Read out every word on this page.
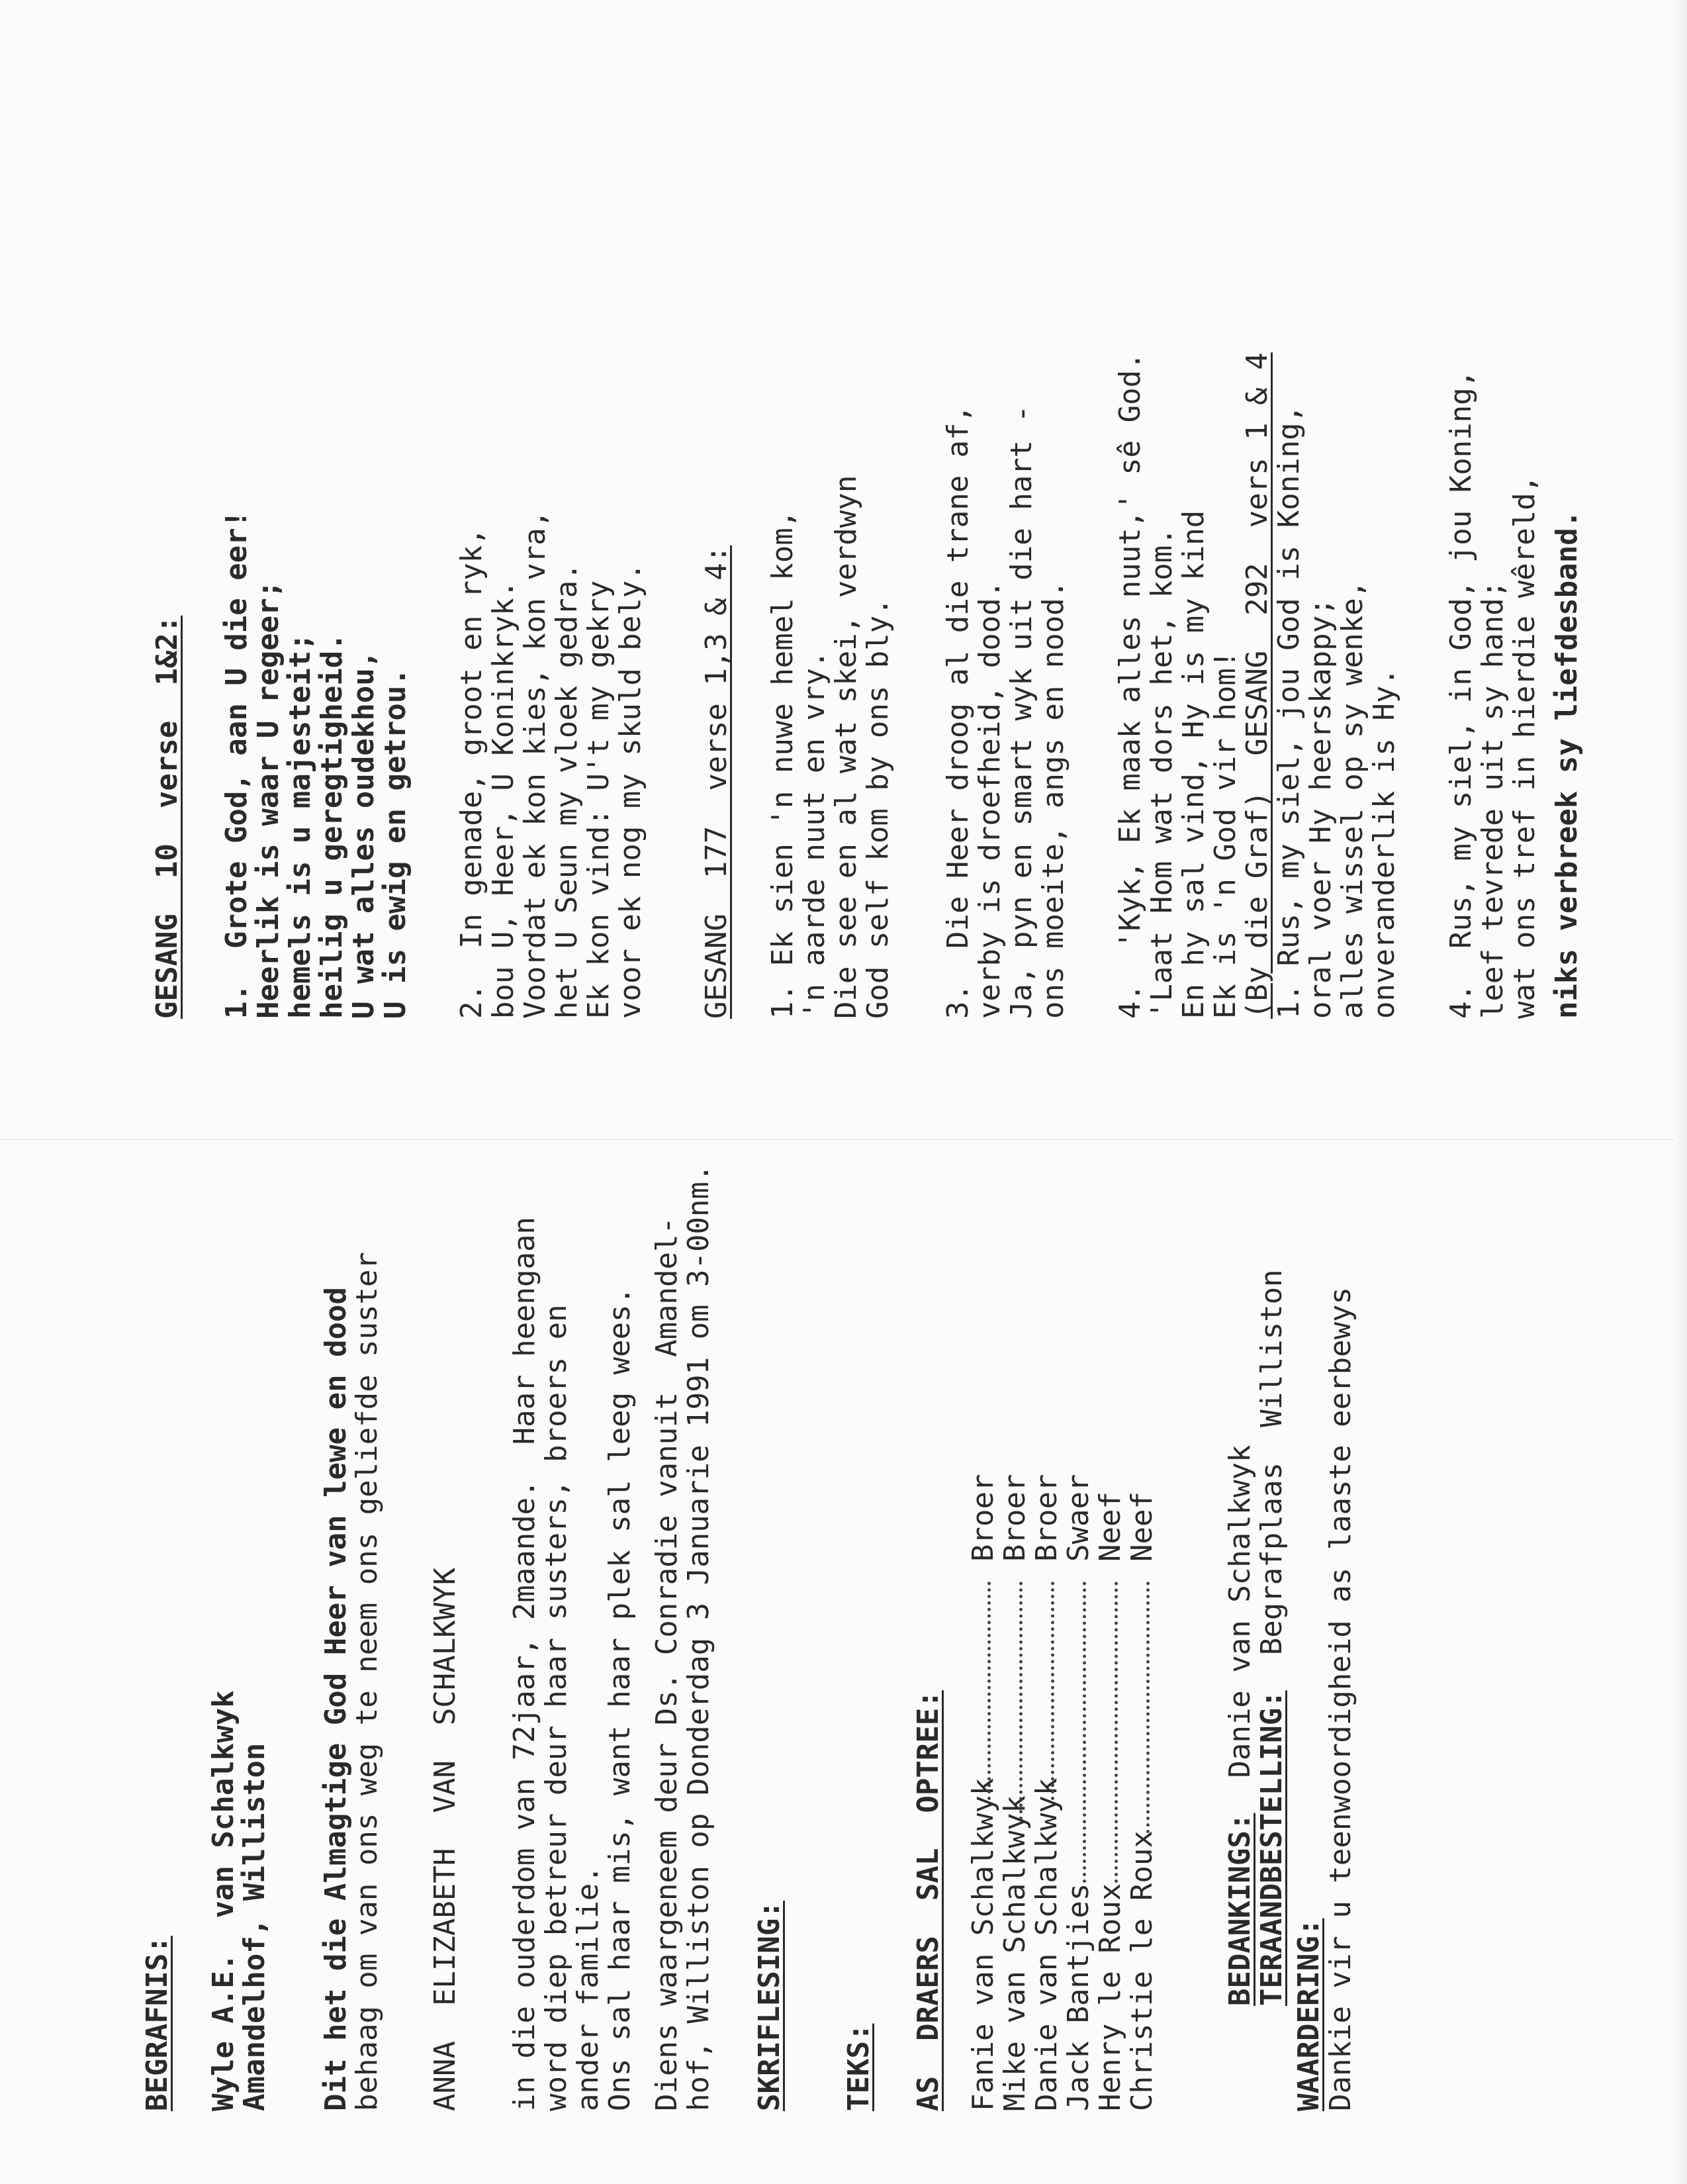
BEGRAFNIS: Wyle A.E.  van Schalkwyk
Amandelhof, Williston Dit het die Almagtige God Heer van lewe en dood
behaag om van ons weg te neem ons geliefde suster ANNA  ELIZABETH  VAN  SCHALKWYK in die ouderdom van 72jaar, 2maande.  Haar heengaan
word diep betreur deur haar susters, broers en
ander familie.
Ons sal haar mis, want haar plek sal leeg wees. Diens waargeneem deur Ds. Conradie vanuit  Amandel-
hof, Williston op Donderdag 3 Januarie 1991 om 3-00nm. SKRIFLESING: TEKS: AS  DRAERS  SAL  OPTREE: Fanie van Schalkwyk
Broer
Mike van Schalkwyk
Broer
Danie van Schalkwyk
Broer
Jack Bantjies
Swaer
Henry le Roux
Neef
Christie le Roux
Neef

BEDANKINGS:  Danie van Schalkwyk

TERAANDBESTELLING:  Begrafplaas  Williston

WAARDERING:
Dankie vir u teenwoordigheid as laaste eerbewys
GESANG  10  verse  1&2: 1.  Grote God, aan U die eer!
Heerlik is waar U regeer;
hemels is u majesteit;
heilig u geregtigheid.
U wat alles oudekhou,
U is ewig en getrou. 2.  In genade, groot en ryk,
bou U, Heer, U Koninkryk.
Voordat ek kon kies, kon vra,
het U Seun my vloek gedra.
Ek kon vind: U't my gekry
voor ek nog my skuld bely. GESANG  177  verse 1,3 & 4: 1. Ek sien 'n nuwe hemel kom,
'n aarde nuut en vry.
Die see en al wat skei, verdwyn
God self kom by ons bly. 3.  Die Heer droog al die trane af,
verby is droefheid, dood.
Ja, pyn en smart wyk uit die hart -
ons moeite, angs en nood. 4.  'Kyk, Ek maak alles nuut,' sê God.
'Laat Hom wat dors het, kom.
En hy sal vind, Hy is my kind
Ek is 'n God vir hom!
(By die Graf)  GESANG  292  vers 1 & 4
1. Rus, my siel, jou God is Koning,
oral voer Hy heerskappy;
alles wissel op sy wenke,
onveranderlik is Hy. 4.  Rus, my siel, in God, jou Koning,
leef tevrede uit sy hand;
wat ons tref in hierdie wêreld, niks verbreek sy liefdesband.
